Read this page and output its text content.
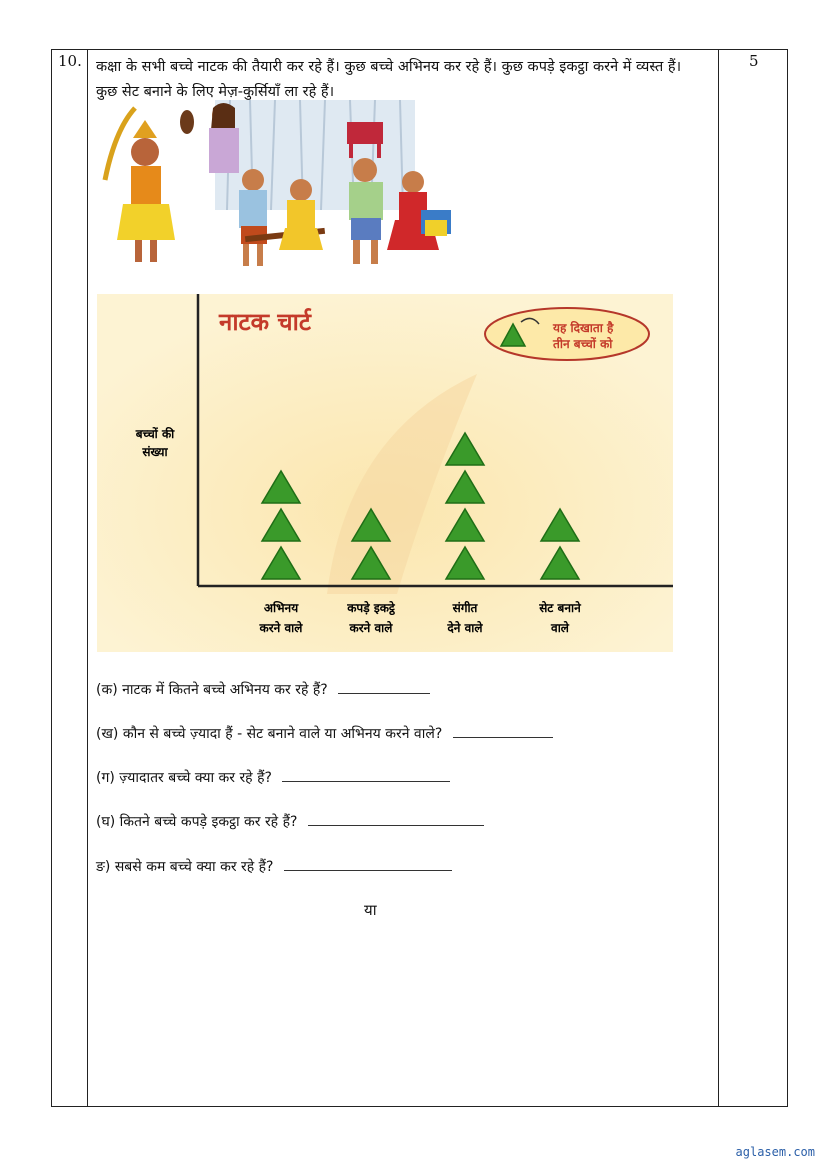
10.	5
कक्षा के सभी बच्चे नाटक की तैयारी कर रहे हैं। कुछ बच्चे अभिनय कर रहे हैं। कुछ कपड़े इकट्ठा करने में व्यस्त हैं। कुछ सेट बनाने के लिए मेज़-कुर्सियाँ ला रहे हैं।
नाटक चार्ट	यह दिखाता है
तीन बच्चों को
बच्चों की
संख्या
अभिनय
करने वाले
कपड़े इकट्ठे
करने वाले
संगीत
देने वाले
सेट बनाने
वाले
(क) नाटक में कितने बच्चे अभिनय कर रहे हैं?
(ख) कौन से बच्चे ज़्यादा हैं - सेट बनाने वाले या अभिनय करने वाले?
(ग) ज़्यादातर बच्चे क्या कर रहे हैं?
(घ) कितने बच्चे कपड़े इकट्ठा कर रहे हैं?
ङ) सबसे कम बच्चे क्या कर रहे हैं?
या
aglasem.com
